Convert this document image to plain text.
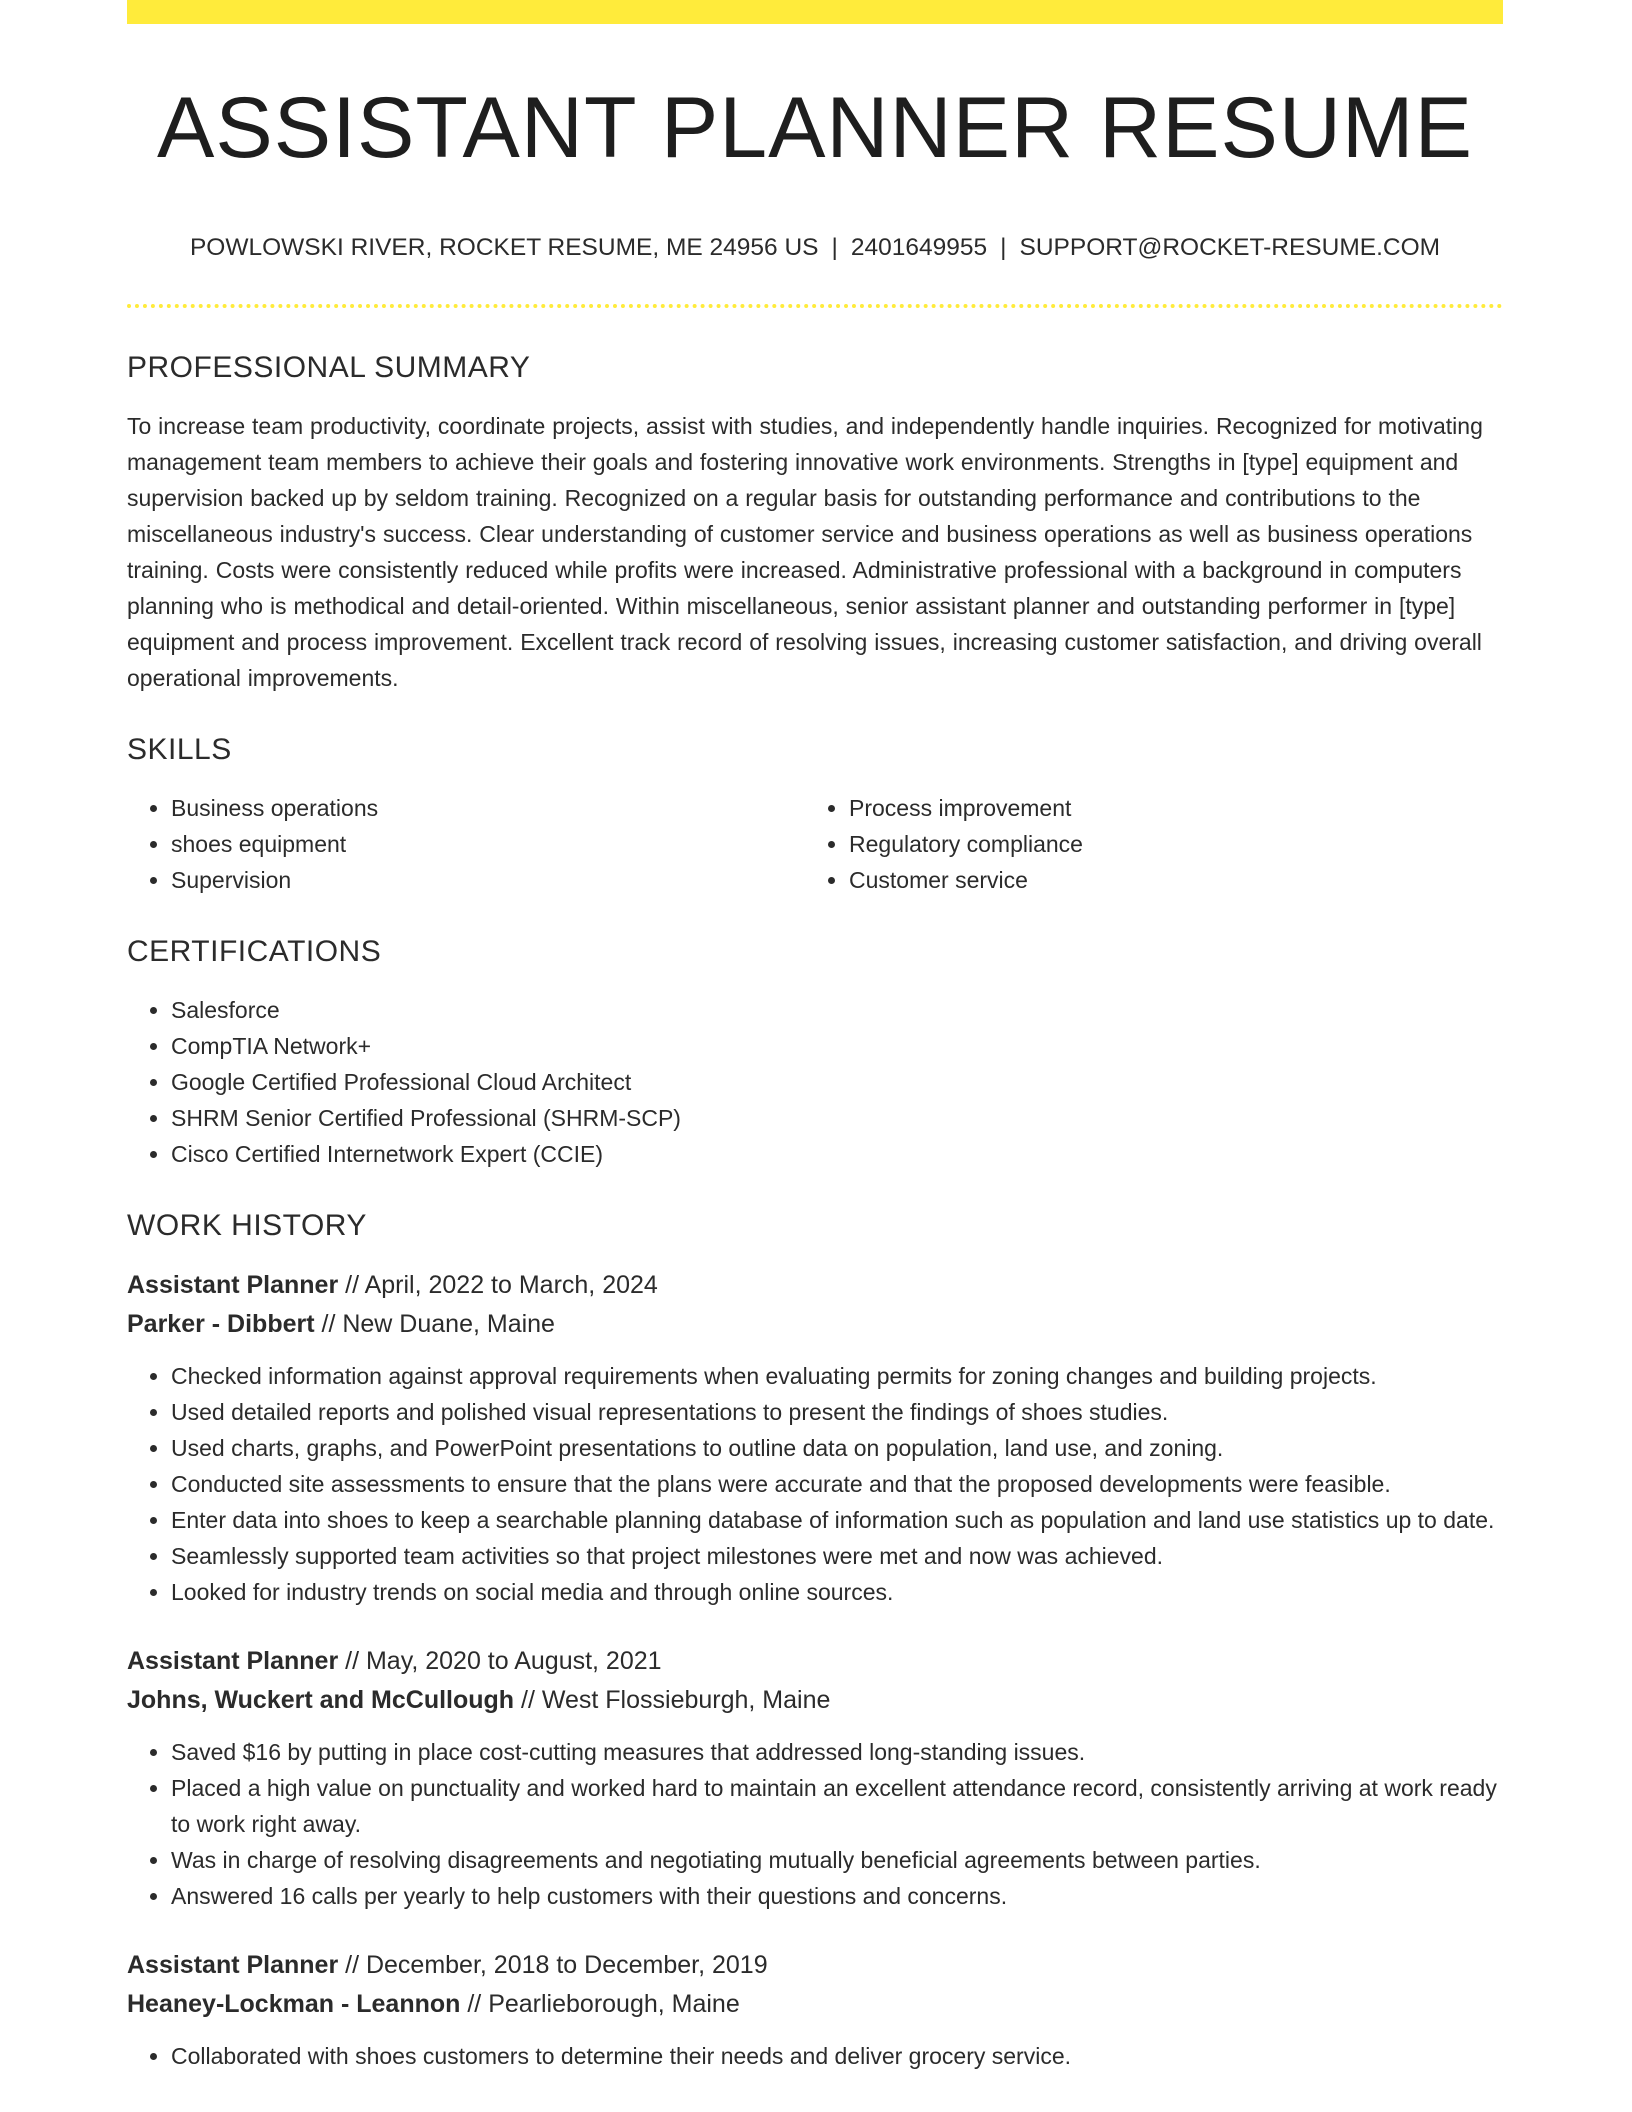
ASSISTANT PLANNER RESUME
POWLOWSKI RIVER, ROCKET RESUME, ME 24956 US | 2401649955 | SUPPORT@ROCKET-RESUME.COM
PROFESSIONAL SUMMARY

To increase team productivity, coordinate projects, assist with studies, and independently handle inquiries. Recognized for motivating management team members to achieve their goals and fostering innovative work environments. Strengths in [type] equipment and supervision backed up by seldom training. Recognized on a regular basis for outstanding performance and contributions to the miscellaneous industry's success. Clear understanding of customer service and business operations as well as business operations training. Costs were consistently reduced while profits were increased. Administrative professional with a background in computers planning who is methodical and detail-oriented. Within miscellaneous, senior assistant planner and outstanding performer in [type] equipment and process improvement. Excellent track record of resolving issues, increasing customer satisfaction, and driving overall operational improvements.

SKILLS
• Business operations
• shoes equipment
• Supervision
• Process improvement
• Regulatory compliance
• Customer service
CERTIFICATIONS
• Salesforce
• CompTIA Network+
• Google Certified Professional Cloud Architect
• SHRM Senior Certified Professional (SHRM-SCP)
• Cisco Certified Internetwork Expert (CCIE)
WORK HISTORY
Assistant Planner // April, 2022 to March, 2024
Parker - Dibbert // New Duane, Maine
• Checked information against approval requirements when evaluating permits for zoning changes and building projects.
• Used detailed reports and polished visual representations to present the findings of shoes studies.
• Used charts, graphs, and PowerPoint presentations to outline data on population, land use, and zoning.
• Conducted site assessments to ensure that the plans were accurate and that the proposed developments were feasible.
• Enter data into shoes to keep a searchable planning database of information such as population and land use statistics up to date.
• Seamlessly supported team activities so that project milestones were met and now was achieved.
• Looked for industry trends on social media and through online sources.
Assistant Planner // May, 2020 to August, 2021
Johns, Wuckert and McCullough // West Flossieburgh, Maine
• Saved $16 by putting in place cost-cutting measures that addressed long-standing issues.
• Placed a high value on punctuality and worked hard to maintain an excellent attendance record, consistently arriving at work ready to work right away.
• Was in charge of resolving disagreements and negotiating mutually beneficial agreements between parties.
• Answered 16 calls per yearly to help customers with their questions and concerns.
Assistant Planner // December, 2018 to December, 2019
Heaney-Lockman - Leannon // Pearlieborough, Maine
• Collaborated with shoes customers to determine their needs and deliver grocery service.
